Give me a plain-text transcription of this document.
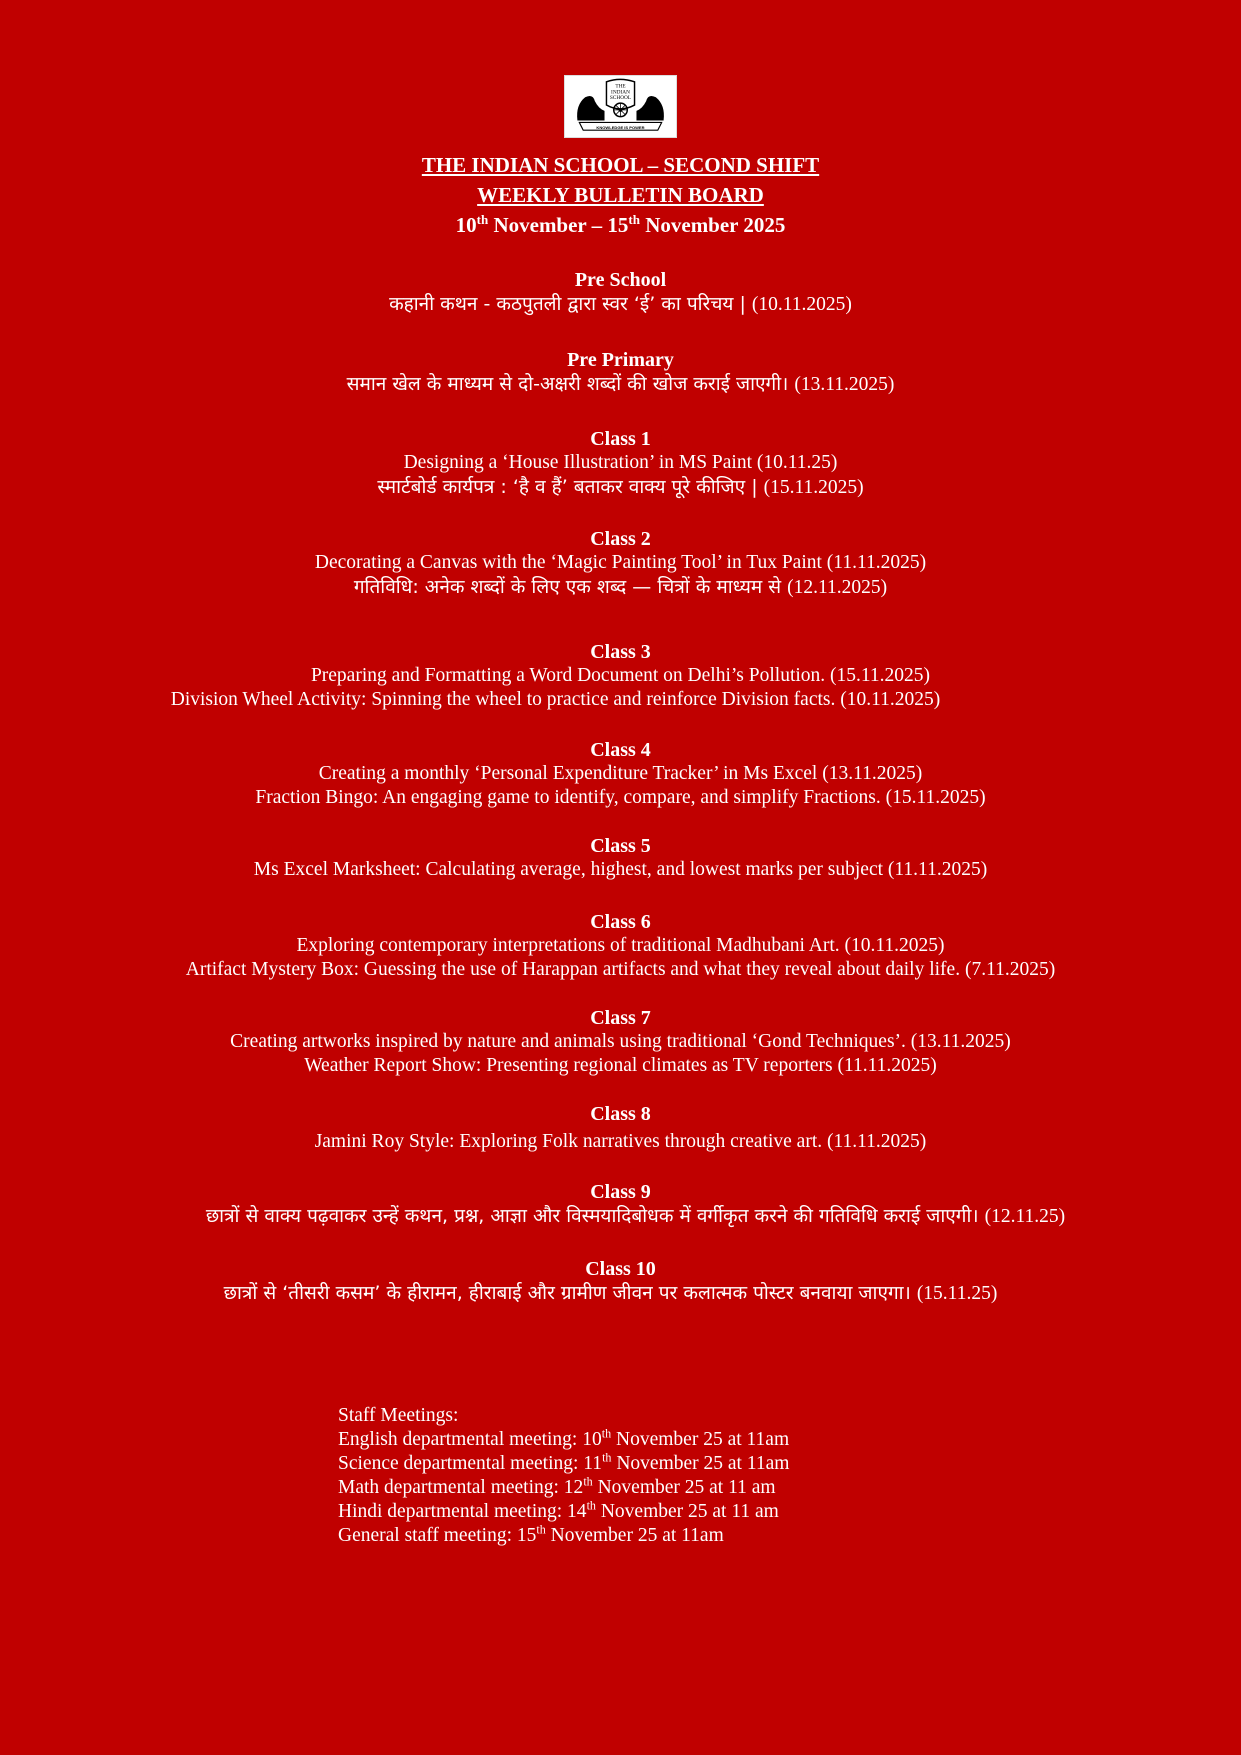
THE
INDIAN
SCHOOL
KNOWLEDGE IS POWER
THE INDIAN SCHOOL – SECOND SHIFT
WEEKLY BULLETIN BOARD
10th November – 15th November 2025
Pre School
कहानी कथन - कठपुतली द्वारा स्वर ‘ई’ का परिचय | (10.11.2025)
Pre Primary
समान खेल के माध्यम से दो-अक्षरी शब्दों की खोज कराई जाएगी। (13.11.2025)
Class 1
Designing a ‘House Illustration’ in MS Paint (10.11.25)
स्मार्टबोर्ड कार्यपत्र : ‘है व हैं’ बताकर वाक्य पूरे कीजिए | (15.11.2025)
Class 2
Decorating a Canvas with the ‘Magic Painting Tool’ in Tux Paint (11.11.2025)
गतिविधि: अनेक शब्दों के लिए एक शब्द — चित्रों के माध्यम से (12.11.2025)
Class 3
Preparing and Formatting a Word Document on Delhi’s Pollution. (15.11.2025)
Division Wheel Activity: Spinning the wheel to practice and reinforce Division facts. (10.11.2025)
Class 4
Creating a monthly ‘Personal Expenditure Tracker’ in Ms Excel (13.11.2025)
Fraction Bingo: An engaging game to identify, compare, and simplify Fractions. (15.11.2025)
Class 5
Ms Excel Marksheet: Calculating average, highest, and lowest marks per subject (11.11.2025)
Class 6
Exploring contemporary interpretations of traditional Madhubani Art. (10.11.2025)
Artifact Mystery Box: Guessing the use of Harappan artifacts and what they reveal about daily life. (7.11.2025)
Class 7
Creating artworks inspired by nature and animals using traditional ‘Gond Techniques’. (13.11.2025)
Weather Report Show: Presenting regional climates as TV reporters (11.11.2025)
Class 8
Jamini Roy Style: Exploring Folk narratives through creative art. (11.11.2025)
Class 9
छात्रों से वाक्य पढ़वाकर उन्हें कथन, प्रश्न, आज्ञा और विस्मयादिबोधक में वर्गीकृत करने की गतिविधि कराई जाएगी। (12.11.25)
Class 10
छात्रों से ‘तीसरी कसम’ के हीरामन, हीराबाई और ग्रामीण जीवन पर कलात्मक पोस्टर बनवाया जाएगा। (15.11.25)
Staff Meetings:
English departmental meeting: 10th November 25 at 11am
Science departmental meeting: 11th November 25 at 11am
Math departmental meeting: 12th November 25 at 11 am
Hindi departmental meeting: 14th November 25 at 11 am
General staff meeting: 15th November 25 at 11am
